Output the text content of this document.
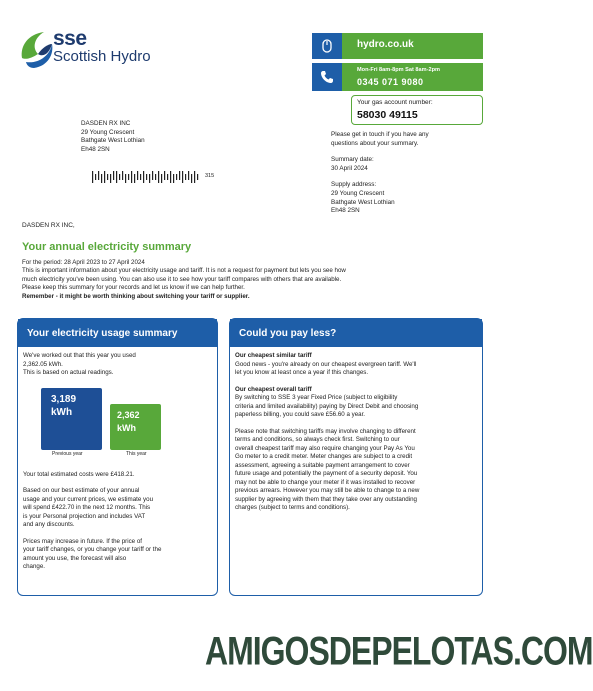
sse
Scottish Hydro
hydro.co.uk
Mon-Fri 8am-8pm Sat 8am-2pm
0345 071 9080
Your gas account number:
58030 49115
DASDEN RX INC
29 Young Crescent
Bathgate West Lothian
Eh48 2SN
315
Please get in touch if you have any
questions about your summary.
Summary date:
30 April 2024
Supply address:
29 Young Crescent
Bathgate West Lothian
Eh48 2SN
DASDEN RX INC,
Your annual electricity summary
For the period: 28 April 2023 to 27 April 2024
This is important information about your electricity usage and tariff. It is not a request for payment but lets you see how
much electricity you've been using. You can also use it to see how your tariff compares with others that are available.
Please keep this summary for your records and let us know if we can help further.
Remember - it might be worth thinking about switching your tariff or supplier.
Your electricity usage summary
We've worked out that this year you used
2,362.05 kWh.
This is based on actual readings.
Your total estimated costs were £418.21.
Based on our best estimate of your annual
usage and your current prices, we estimate you
will spend £422.70 in the next 12 months. This
is your Personal projection and includes VAT
and any discounts.
Prices may increase in future. If the price of
your tariff changes, or you change your tariff or the
amount you use, the forecast will also
change.
3,189
kWh	2,362
kWh
Previous year	This year
Could you pay less?
Our cheapest similar tariff
Good news - you're already on our cheapest evergreen tariff. We'll
let you know at least once a year if this changes.
Our cheapest overall tariff
By switching to SSE 3 year Fixed Price (subject to eligibility
criteria and limited availability) paying by Direct Debit and choosing
paperless billing, you could save £56.60 a year.
Please note that switching tariffs may involve changing to different
terms and conditions, so always check first. Switching to our
overall cheapest tariff may also require changing your Pay As You
Go meter to a credit meter. Meter changes are subject to a credit
assessment, agreeing a suitable payment arrangement to cover
future usage and potentially the payment of a security deposit. You
may not be able to change your meter if it was installed to recover
previous arrears. However you may still be able to change to a new
supplier by agreeing with them that they take over any outstanding
charges (subject to terms and conditions).
AMIGOSDEPELOTAS.COM
